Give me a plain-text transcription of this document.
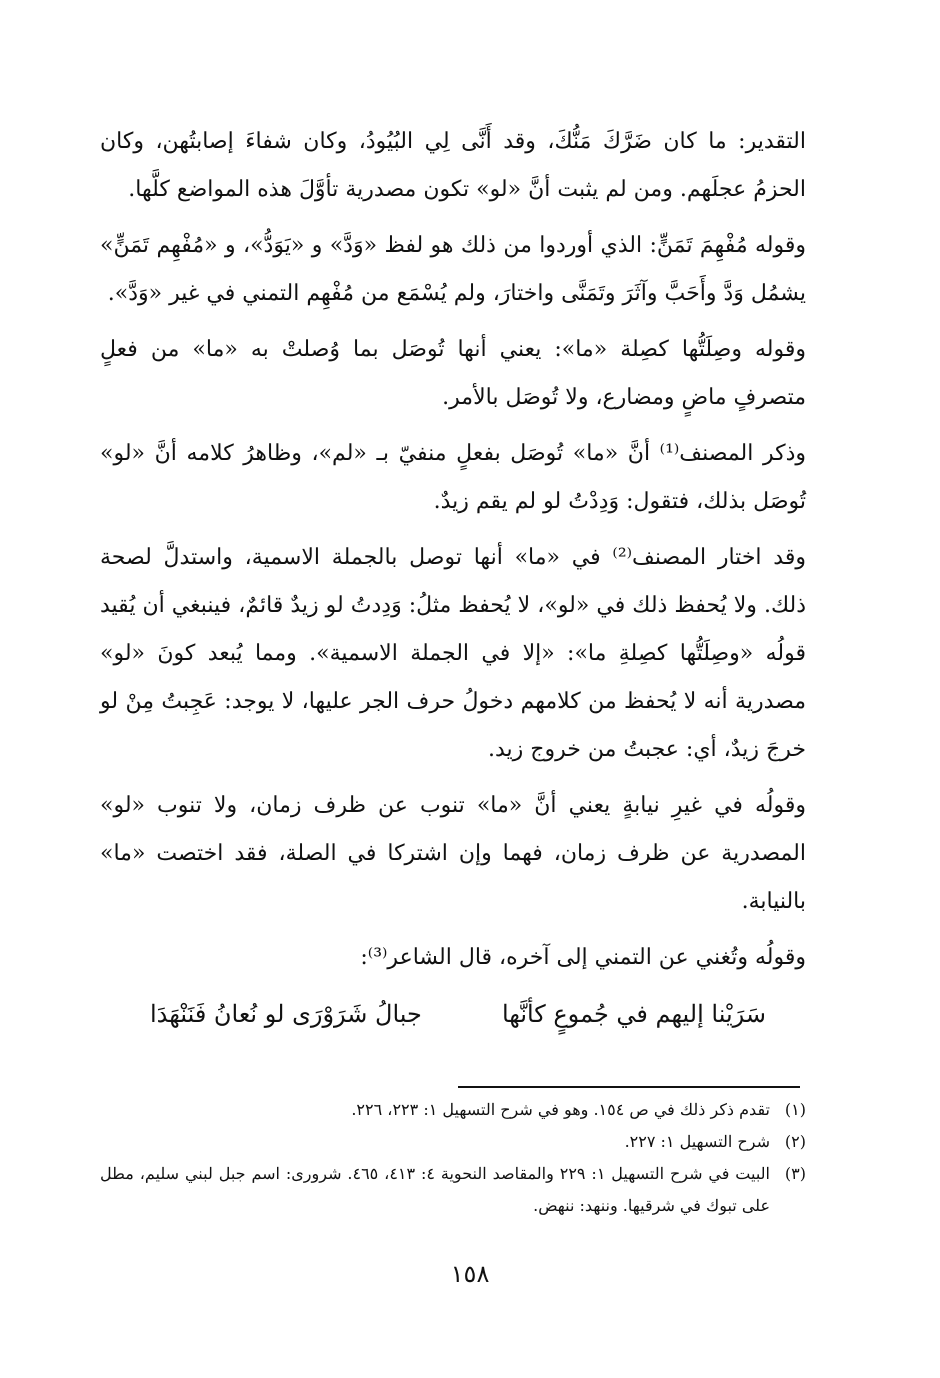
التقدير: ما كان ضَرَّكَ مَنُّكَ، وقد أَنَّى لِي البُيُودُ، وكان شفاءَ إصابتُهن، وكان الحزمُ عجلَهم. ومن لم يثبت أنَّ «لو» تكون مصدرية تأوَّلَ هذه المواضع كلَّها.

وقوله مُفْهِمَ تَمَنٍّ: الذي أوردوا من ذلك هو لفظ «وَدَّ» و «يَوَدُّ»، و «مُفْهِم تَمَنٍّ» يشمُل وَدَّ وأَحَبَّ وآثَرَ وتَمَنَّى واختارَ، ولم يُسْمَع من مُفْهِم التمني في غير «وَدَّ».

وقوله وصِلَتُّها كصِلة «ما»: يعني أنها تُوصَل بما وُصلتْ به «ما» من فعلٍ متصرفٍ ماضٍ ومضارع، ولا تُوصَل بالأمر.

وذكر المصنف⁽¹⁾ أنَّ «ما» تُوصَل بفعلٍ منفيّ بـ «لم»، وظاهرُ كلامه أنَّ «لو» تُوصَل بذلك، فتقول: وَدِدْتُ لو لم يقم زيدٌ.

وقد اختار المصنف⁽²⁾ في «ما» أنها توصل بالجملة الاسمية، واستدلَّ لصحة ذلك. ولا يُحفظ ذلك في «لو»، لا يُحفظ مثلُ: وَدِدتُ لو زيدٌ قائمٌ، فينبغي أن يُقيد قولُه «وصِلَتُّها كصِلةِ ما»: «إلا في الجملة الاسمية». ومما يُبعد كونَ «لو» مصدرية أنه لا يُحفظ من كلامهم دخولُ حرف الجر عليها، لا يوجد: عَجِبتُ مِنْ لو خرجَ زيدٌ، أي: عجبتُ من خروج زيد.

وقولُه في غيرِ نيابةٍ يعني أنَّ «ما» تنوب عن ظرف زمان، ولا تنوب «لو» المصدرية عن ظرف زمان، فهما وإن اشتركا في الصلة، فقد اختصت «ما» بالنيابة.

وقولُه وتُغني عن التمني إلى آخره، قال الشاعر⁽³⁾:

سَرَيْنا إليهم في جُموعٍ كأنَّها
جبالُ شَرَوْرَى لو نُعانُ فَنَنْهَدَا
(١)
تقدم ذكر ذلك في ص ١٥٤. وهو في شرح التسهيل ١: ٢٢٣، ٢٢٦.
(٢)
شرح التسهيل ١: ٢٢٧.
(٣)
البيت في شرح التسهيل ١: ٢٢٩ والمقاصد النحوية ٤: ٤١٣، ٤٦٥. شرورى: اسم جبل لبني سليم، مطل على تبوك في شرقيها. وننهد: ننهض.
١٥٨
